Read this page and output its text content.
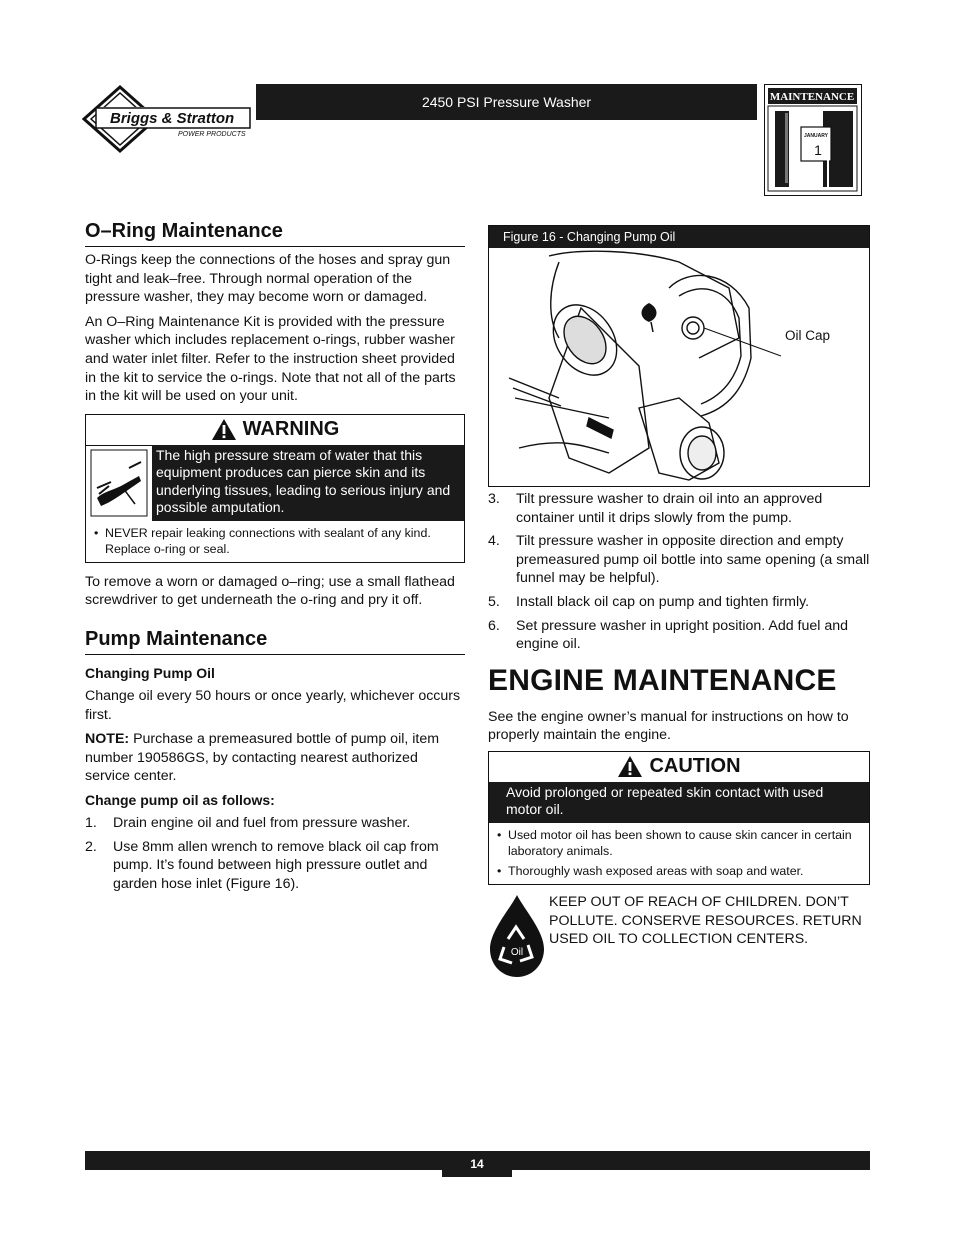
Briggs & Stratton
POWER PRODUCTS
2450 PSI Pressure Washer	MAINTENANCE
JANUARY
1
O–Ring Maintenance

O-Rings keep the connections of the hoses and spray gun tight and leak–free. Through normal operation of the pressure washer, they may become worn or damaged.

An O–Ring Maintenance Kit is provided with the pressure washer which includes replacement o-rings, rubber washer and water inlet filter. Refer to the instruction sheet provided in the kit to service the o-rings. Note that not all of the parts in the kit will be used on your unit.

WARNING
The high pressure stream of water that this equipment produces can pierce skin and its underlying tissues, leading to serious injury and possible amputation.
• NEVER repair leaking connections with sealant of any kind. Replace o-ring or seal.

To remove a worn or damaged o–ring; use a small flathead screwdriver to get underneath the o-ring and pry it off.

Pump Maintenance
Changing Pump Oil

Change oil every 50 hours or once yearly, whichever occurs first.

NOTE: Purchase a premeasured bottle of pump oil, item number 190586GS, by contacting nearest authorized service center.

Change pump oil as follows:
1. Drain engine oil and fuel from pressure washer.
2. Use 8mm allen wrench to remove black oil cap from pump. It’s found between high pressure outlet and garden hose inlet (Figure 16).
Figure 16 - Changing Pump Oil
Oil Cap
3. Tilt pressure washer to drain oil into an approved container until it drips slowly from the pump.
4. Tilt pressure washer in opposite direction and empty premeasured pump oil bottle into same opening (a small funnel may be helpful).
5. Install black oil cap on pump and tighten firmly.
6. Set pressure washer in upright position. Add fuel and engine oil.
ENGINE MAINTENANCE

See the engine owner’s manual for instructions on how to properly maintain the engine.

CAUTION
Avoid prolonged or repeated skin contact with used motor oil.
• Used motor oil has been shown to cause skin cancer in certain laboratory animals.
• Thoroughly wash exposed areas with soap and water.
Oil

KEEP OUT OF REACH OF CHILDREN. DON’T POLLUTE. CONSERVE RESOURCES. RETURN USED OIL TO COLLECTION CENTERS.

14
